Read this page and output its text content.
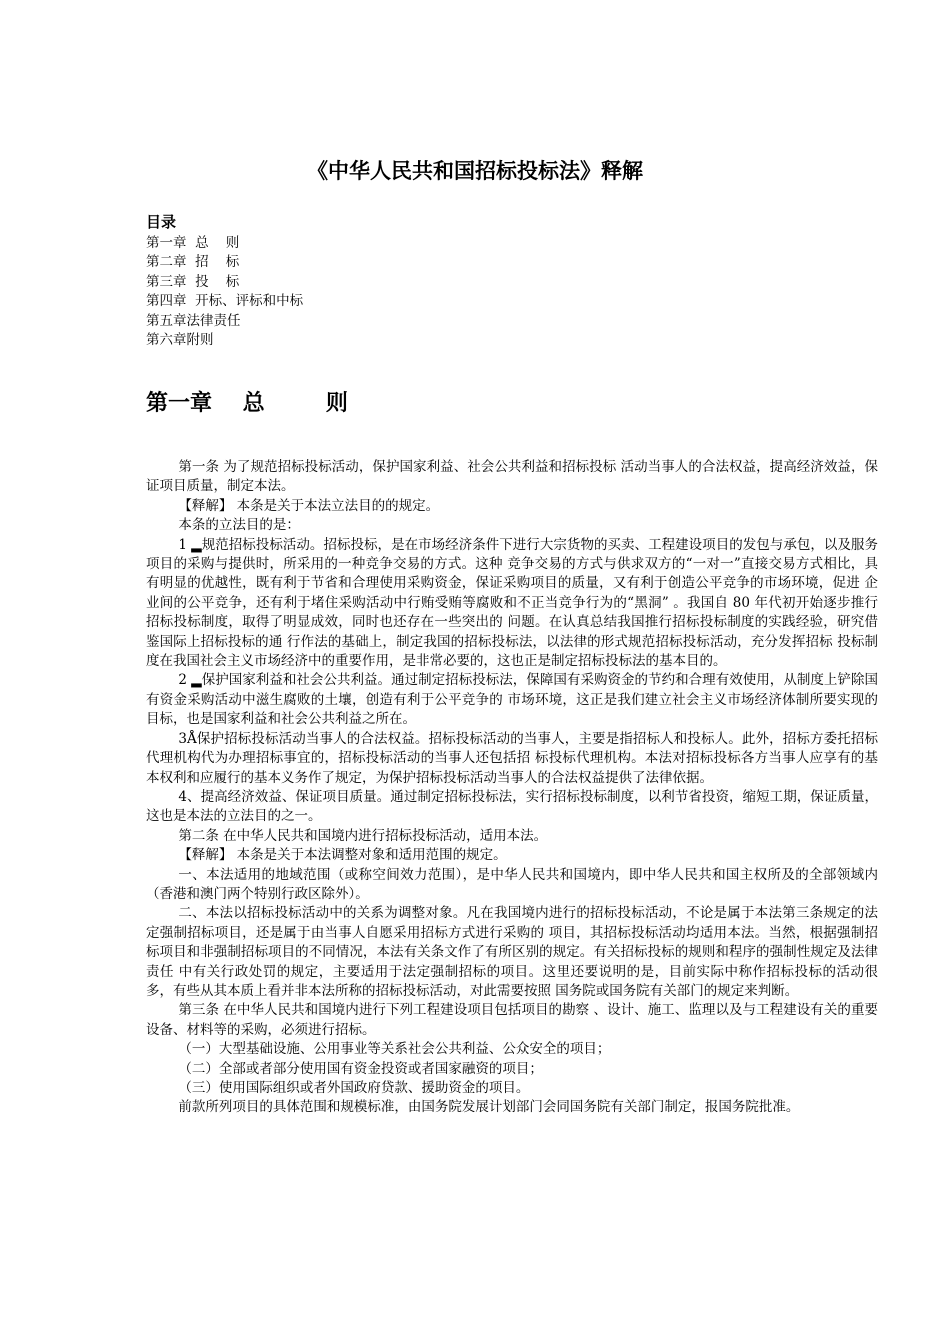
《中华人民共和国招标投标法》释解
目录
第一章  总    则
第二章  招    标
第三章  投    标
第四章  开标、评标和中标
第五章法律责任
第六章附则
第一章    总        则

第一条 为了规范招标投标活动，保护国家利益、社会公共利益和招标投标 活动当事人的合法权益，提高经济效益，保证项目质量，制定本法。

【释解】 本条是关于本法立法目的的规定。

本条的立法目的是：

1 ▂规范招标投标活动。招标投标，是在市场经济条件下进行大宗货物的买卖、工程建设项目的发包与承包，以及服务项目的采购与提供时，所采用的一种竞争交易的方式。这种 竞争交易的方式与供求双方的“一对一”直接交易方式相比，具有明显的优越性，既有利于节省和合理使用采购资金，保证采购项目的质量，又有利于创造公平竞争的市场环境，促进 企业间的公平竞争，还有利于堵住采购活动中行贿受贿等腐败和不正当竞争行为的“黑洞” 。我国自 80 年代初开始逐步推行招标投标制度，取得了明显成效，同时也还存在一些突出的 问题。在认真总结我国推行招标投标制度的实践经验，研究借鉴国际上招标投标的通 行作法的基础上，制定我国的招标投标法，以法律的形式规范招标投标活动，充分发挥招标 投标制度在我国社会主义市场经济中的重要作用，是非常必要的，这也正是制定招标投标法的基本目的。

2 ▂保护国家利益和社会公共利益。通过制定招标投标法，保障国有采购资金的节约和合理有效使用，从制度上铲除国有资金采购活动中滋生腐败的土壤，创造有利于公平竞争的 市场环境，这正是我们建立社会主义市场经济体制所要实现的目标，也是国家利益和社会公共利益之所在。

3Å保护招标投标活动当事人的合法权益。招标投标活动的当事人，主要是指招标人和投标人。此外，招标方委托招标代理机构代为办理招标事宜的，招标投标活动的当事人还包括招 标投标代理机构。本法对招标投标各方当事人应享有的基本权利和应履行的基本义务作了规定，为保护招标投标活动当事人的合法权益提供了法律依据。

4、提高经济效益、保证项目质量。通过制定招标投标法，实行招标投标制度，以利节省投资，缩短工期，保证质量，这也是本法的立法目的之一。

第二条 在中华人民共和国境内进行招标投标活动，适用本法。

【释解】 本条是关于本法调整对象和适用范围的规定。

一、本法适用的地域范围（或称空间效力范围），是中华人民共和国境内，即中华人民共和国主权所及的全部领域内（香港和澳门两个特别行政区除外）。

二、本法以招标投标活动中的关系为调整对象。凡在我国境内进行的招标投标活动，不论是属于本法第三条规定的法定强制招标项目，还是属于由当事人自愿采用招标方式进行采购的 项目，其招标投标活动均适用本法。当然，根据强制招标项目和非强制招标项目的不同情况，本法有关条文作了有所区别的规定。有关招标投标的规则和程序的强制性规定及法律责任 中有关行政处罚的规定，主要适用于法定强制招标的项目。这里还要说明的是，目前实际中称作招标投标的活动很多，有些从其本质上看并非本法所称的招标投标活动，对此需要按照 国务院或国务院有关部门的规定来判断。

第三条 在中华人民共和国境内进行下列工程建设项目包括项目的勘察 、设计、施工、监理以及与工程建设有关的重要设备、材料等的采购，必须进行招标。

（一）大型基础设施、公用事业等关系社会公共利益、公众安全的项目；

（二）全部或者部分使用国有资金投资或者国家融资的项目；

（三）使用国际组织或者外国政府贷款、援助资金的项目。

前款所列项目的具体范围和规模标准，由国务院发展计划部门会同国务院有关部门制定，报国务院批准。
